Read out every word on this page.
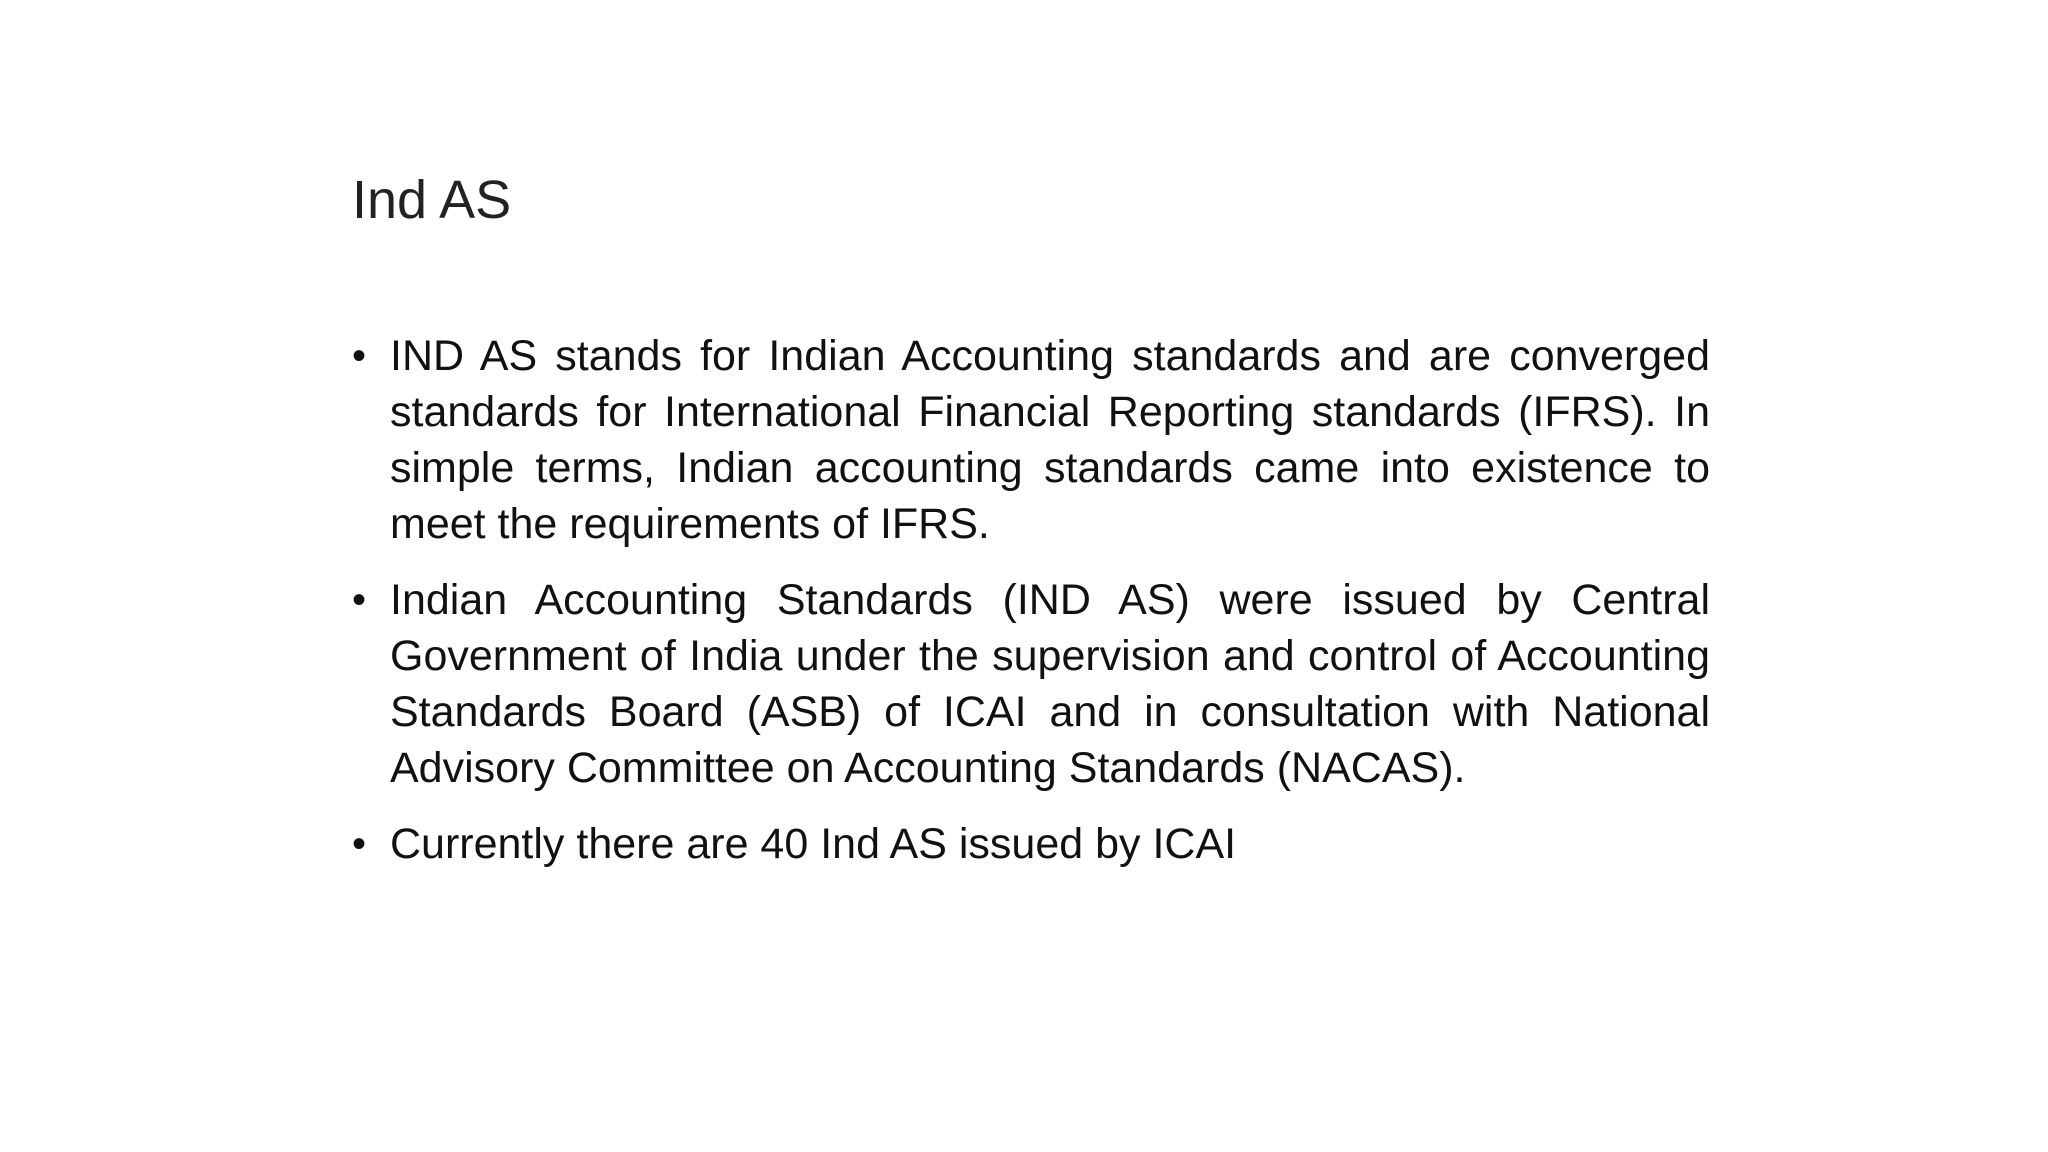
Ind AS
• IND AS stands for Indian Accounting standards and are converged standards for International Financial Reporting standards (IFRS). In simple terms, Indian accounting standards came into existence to meet the requirements of IFRS.
• Indian Accounting Standards (IND AS) were issued by Central Government of India under the supervision and control of Accounting Standards Board (ASB) of ICAI and in consultation with National Advisory Committee on Accounting Standards (NACAS).
• Currently there are 40 Ind AS issued by ICAI
